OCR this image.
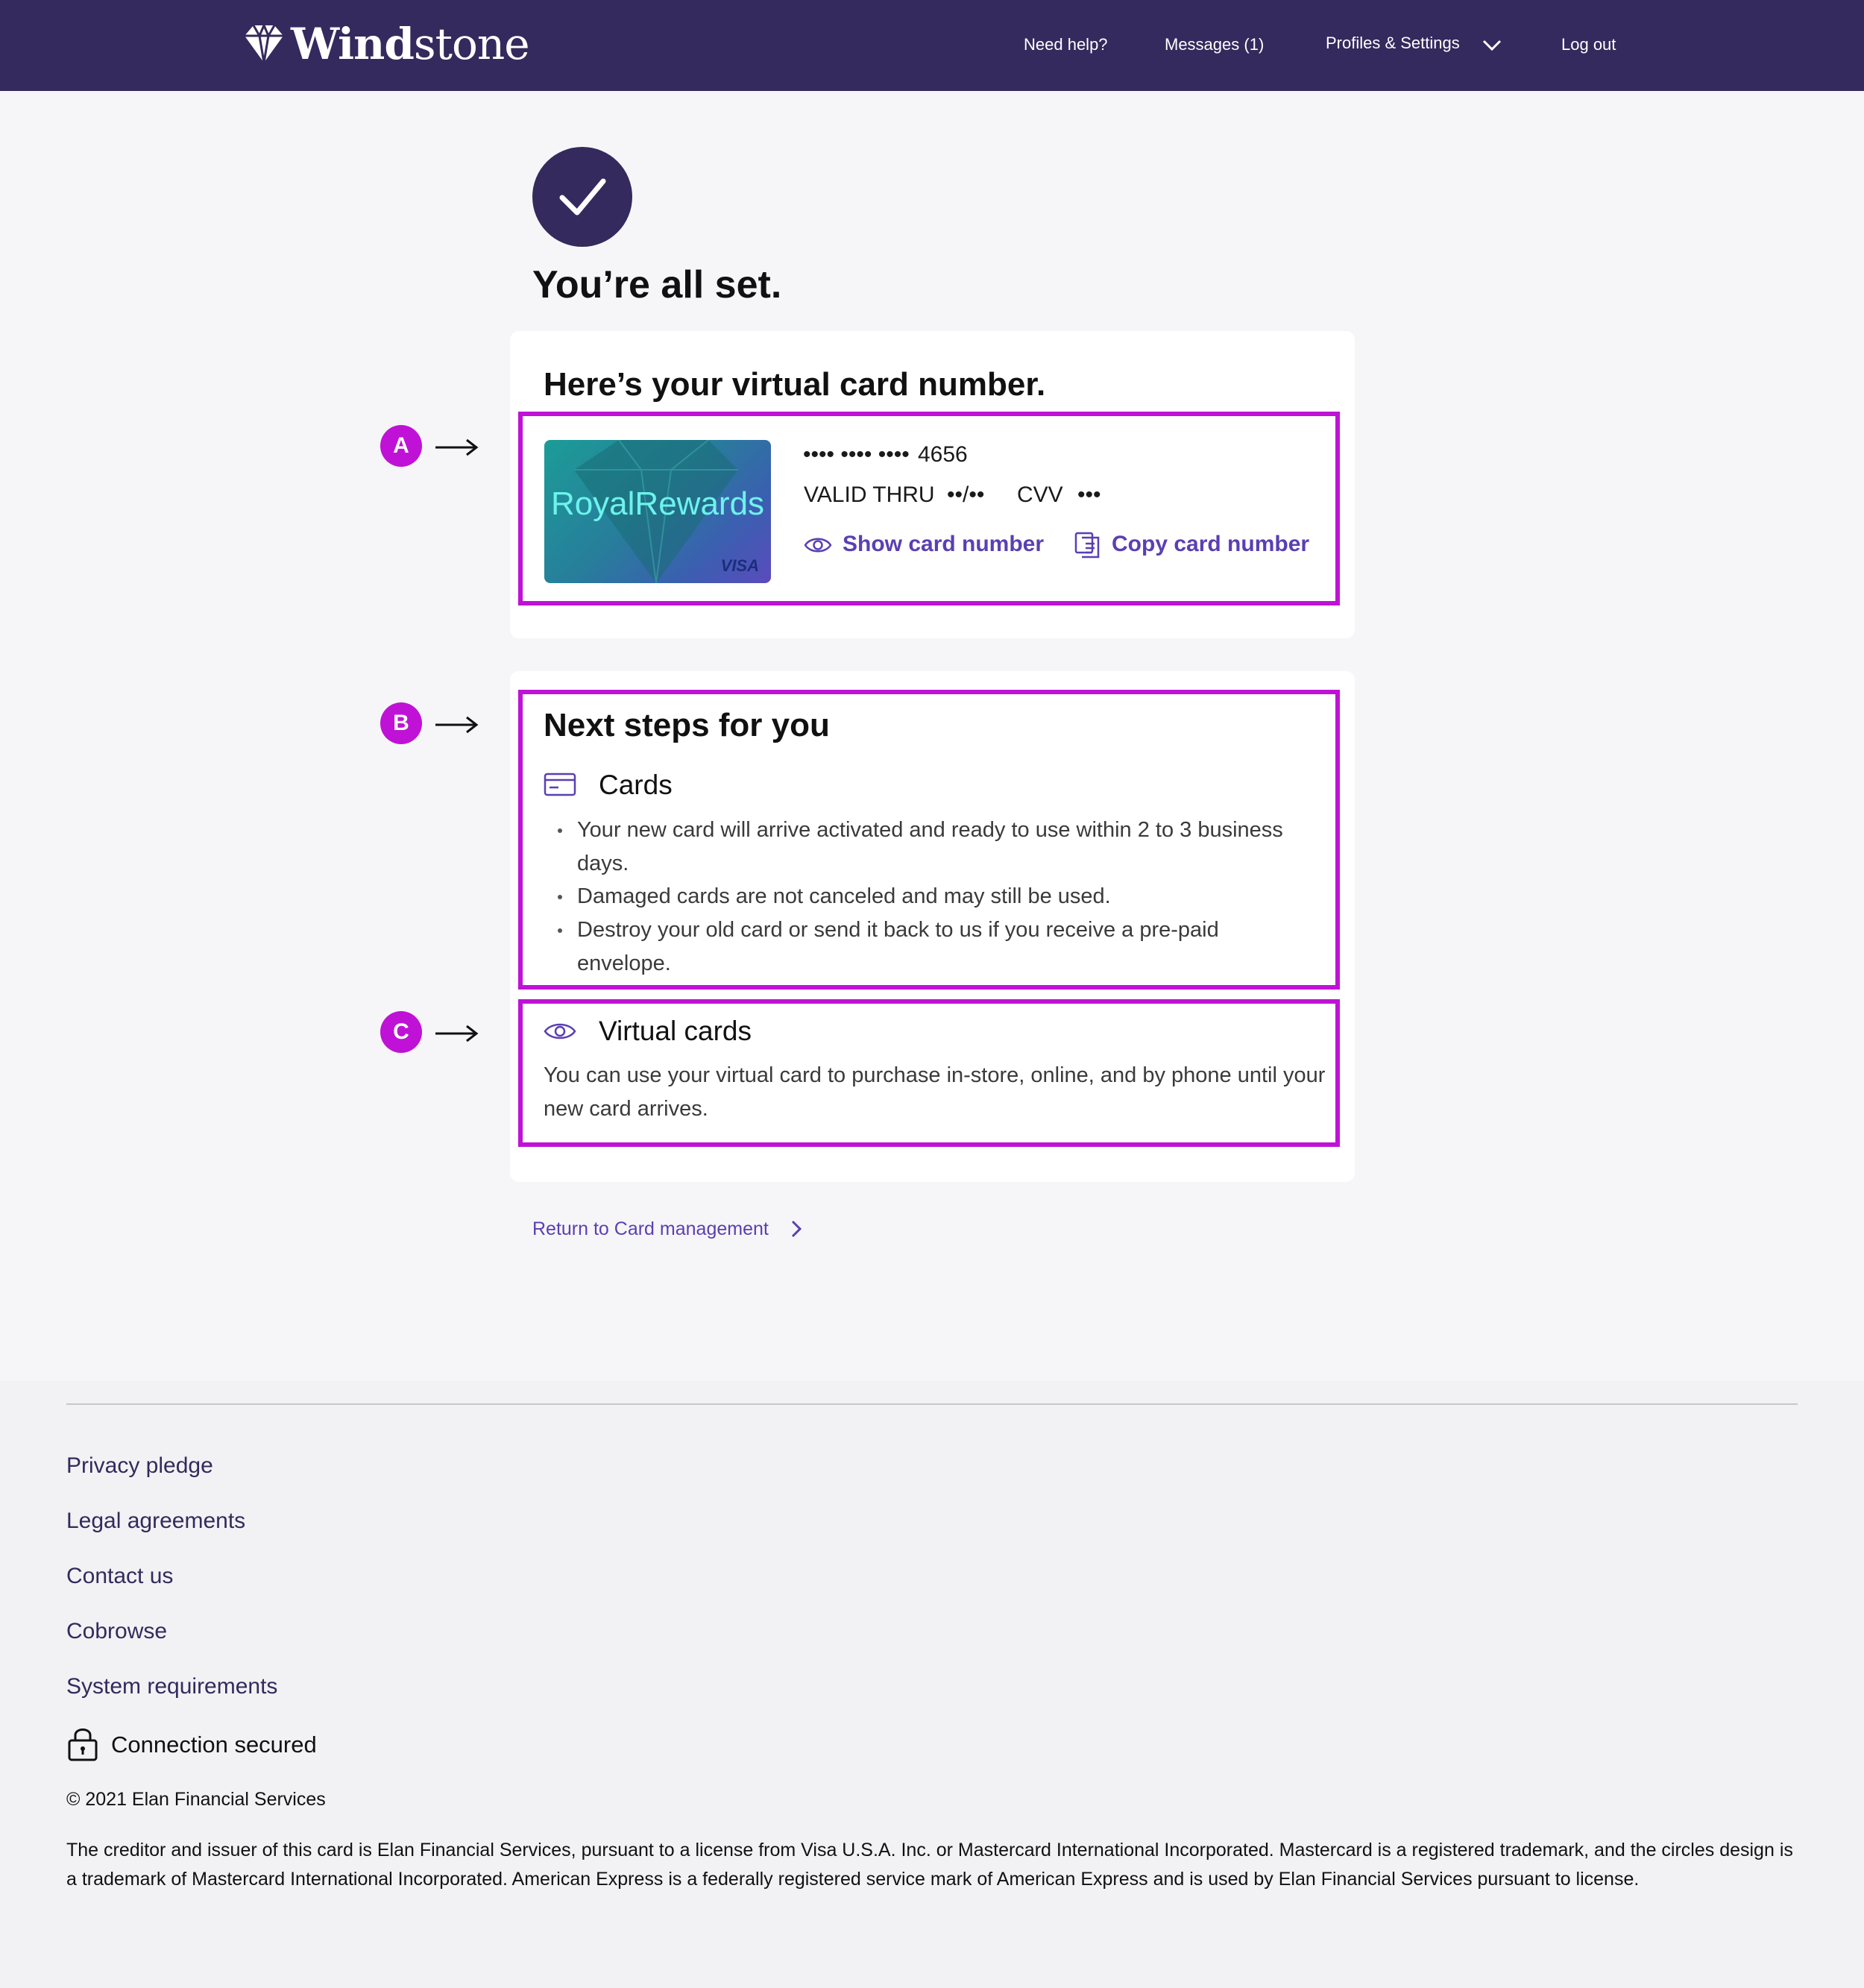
Windstone	Need help?	Messages (1)	Profiles & Settings	Log out
You’re all set.
Here’s your virtual card number.
RoyalRewards
VISA
•••• •••• •••• 4656
VALID THRU ••/•• CVV •••
Show card number	Copy card number
A
Next steps for you
Cards
Your new card will arrive activated and ready to use within 2 to 3 business days.
Damaged cards are not canceled and may still be used.
Destroy your old card or send it back to us if you receive a pre-paid envelope.
Virtual cards
You can use your virtual card to purchase in-store, online, and by phone until your new card arrives.
B
C
Return to Card management
Privacy pledge
Legal agreements
Contact us
Cobrowse
System requirements
Connection secured
© 2021 Elan Financial Services
The creditor and issuer of this card is Elan Financial Services, pursuant to a license from Visa U.S.A. Inc. or Mastercard International Incorporated. Mastercard is a registered trademark, and the circles design is a trademark of Mastercard International Incorporated. American Express is a federally registered service mark of American Express and is used by Elan Financial Services pursuant to license.
